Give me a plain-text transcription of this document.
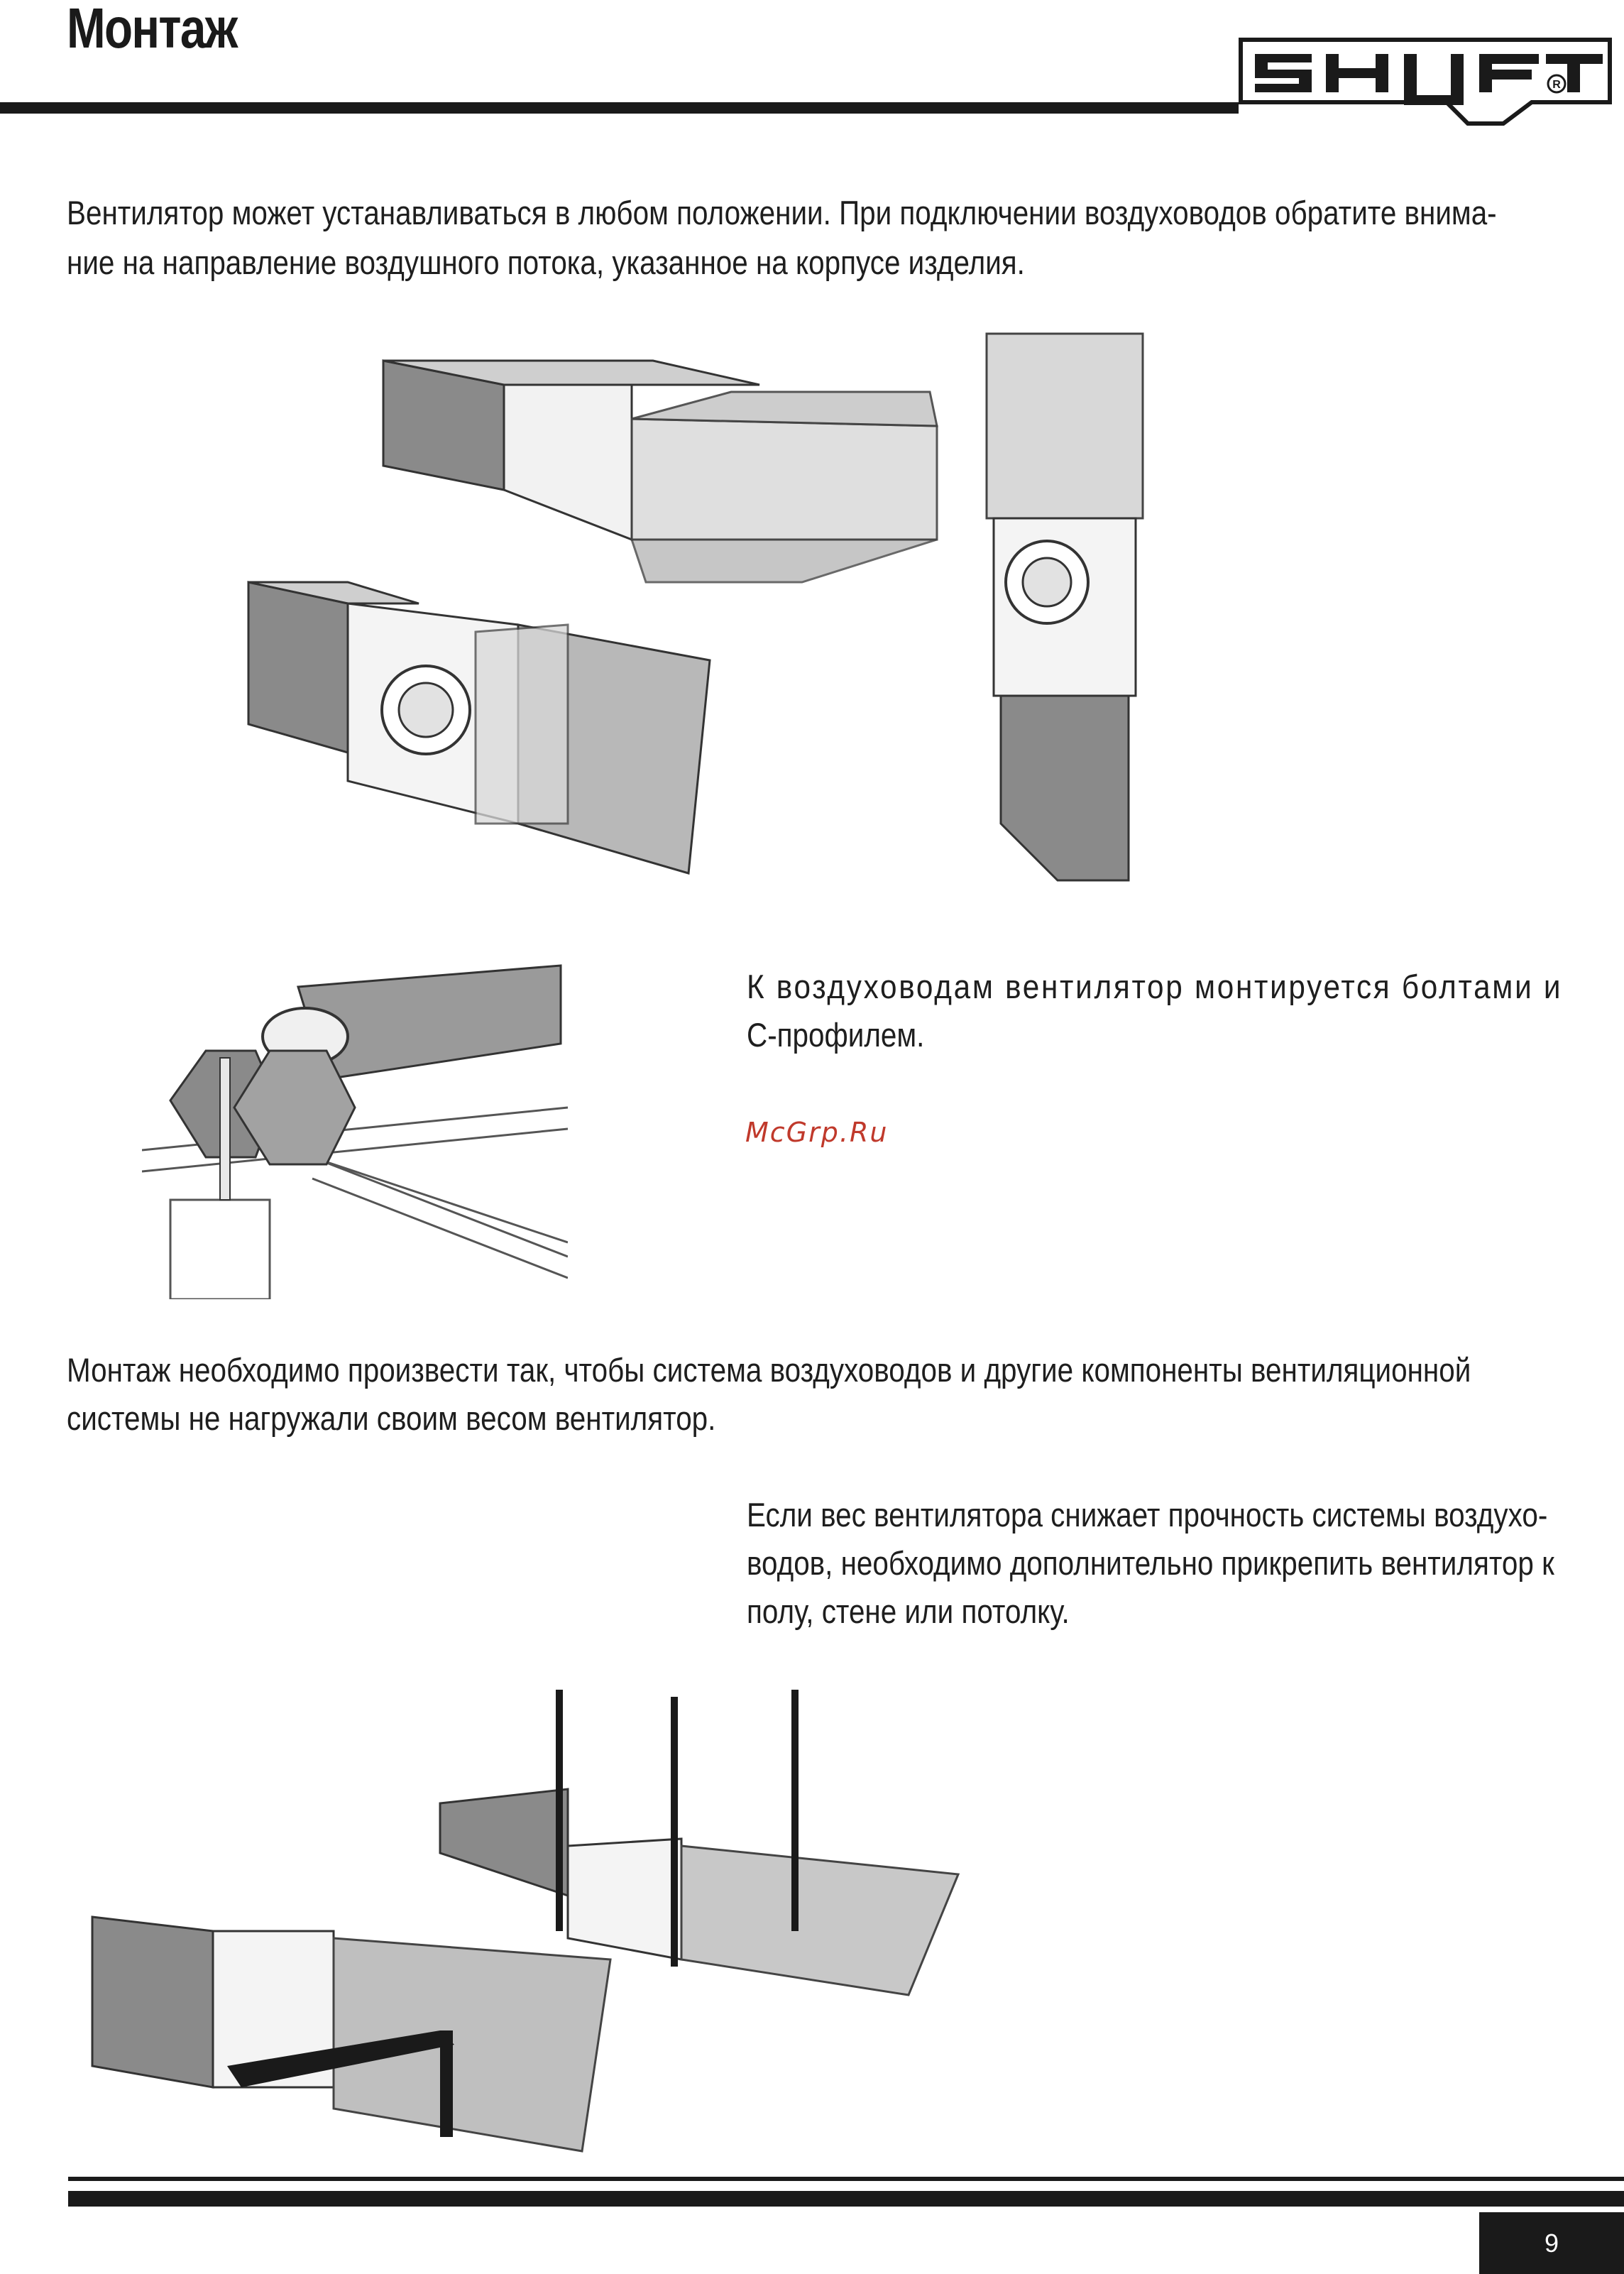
Монтаж
R

Вентилятор может устанавливаться в любом положении. При подключении воздуховодов обратите внима-

ние на направление воздушного потока, указанное на корпусе изделия.

К воздуховодам вентилятор монтируется болтами и

С-профилем.

McGrp.Ru

Монтаж необходимо произвести так, чтобы система воздуховодов и другие компоненты вентиляционной

системы не нагружали своим весом вентилятор.

Если вес вентилятора снижает прочность системы воздухо-

водов, необходимо дополнительно прикрепить вентилятор к

полу, стене или потолку.

9
